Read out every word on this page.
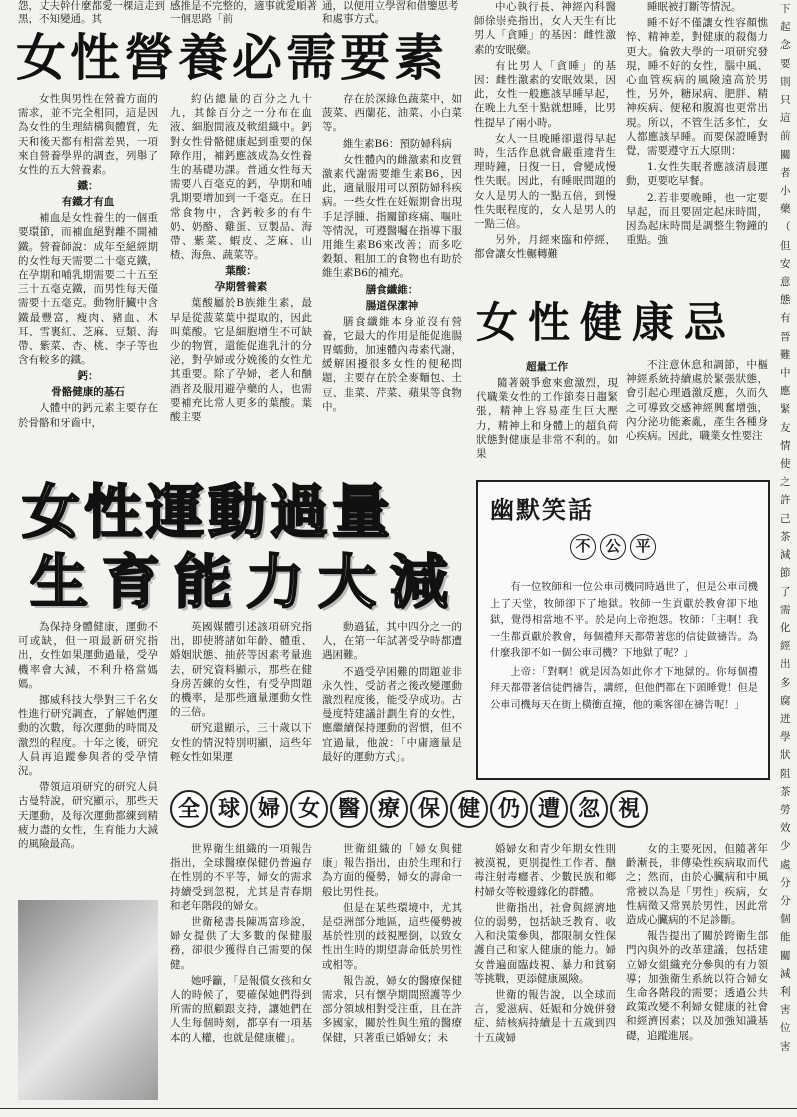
怨，丈夫幹什麼都愛一棵這走到黑，不知變通。其
感推是不完整的，適事就愛順著一個思路「前
通，以便用立學習和借鑒思考和處事方式。
女性營養必需要素

女性與男性在營養方面的需求，並不完全相同，這是因為女性的生理結構與體質，先天和後天都有相當差異，一項來自營養學界的調查，列舉了女性的五大營養素。

鐵：
有鐵才有血

補血是女性養生的一個重要環節，而補血絕對離不開補鐵。營養師說：成年至絕經期的女性每天需要二十毫克鐵，在孕期和哺乳期需要二十五至三十五毫克鐵，而男性每天僅需要十五毫克。動物肝臟中含鐵最豐富，瘦肉、豬血、木耳、雪裏紅、芝麻、豆類、海帶、紫菜、杏、桃、李子等也含有較多的鐵。

鈣：
骨骼健康的基石

人體中的鈣元素主要存在於骨骼和牙齒中，

約佔總量的百分之九十九，其餘百分之一分布在血液、細胞間液及軟組織中。鈣對女性骨骼健康起到重要的保障作用，補鈣應該成為女性養生的基礎功課。普通女性每天需要八百毫克的鈣，孕期和哺乳期要增加到一千毫克。在日常食物中，含鈣較多的有牛奶、奶酪、雞蛋、豆製品、海帶、紫菜、蝦皮、芝麻、山楂、海魚、蔬菜等。

葉酸：
孕期營養素

葉酸屬於B族維生素，最早是從菠菜葉中提取的，因此叫葉酸。它是細胞增生不可缺少的物質，還能促進乳汁的分泌，對孕婦或分娩後的女性尤其重要。除了孕婦，老人和酗酒者及服用避孕藥的人，也需要補充比常人更多的葉酸。葉酸主要

存在於深綠色蔬菜中，如菠菜、西蘭花、油菜、小白菜等。

維生素B6：預防婦科病

女性體內的雌激素和皮質激素代謝需要維生素B6，因此，適量服用可以預防婦科疾病。一些女性在妊娠期會出現手足浮腫、指關節疼痛、嘔吐等情況，可遵醫囑在指導下服用維生素B6來改善；而多吃穀類、粗加工的食物也有助於維生素B6的補充。

膳食纖維：
腸道保潔神

膳食纖維本身並沒有營養，它最大的作用是能促進腸胃蠕動，加速體內毒素代謝，緩解困擾很多女性的便秘問題，主要存在於全麥麵包、土豆、韭菜、芹菜、蘋果等食物中。

中心執行長、神經內科醫師徐崇堯指出，女人天生有比男人「貪睡」的基因：雌性激素的安眠藥。

有比男人「貪睡」的基因：雌性激素的安眠效果，因此，女性一般應該早睡早起，在晚上九至十點就想睡，比男性提早了兩小時。

女人一旦晚睡卻還得早起時，生活作息就會嚴重違背生理時鐘，日復一日，會變成慢性失眠。因此，有睡眠問題的女人是男人的一點五倍，到慢性失眠程度的，女人是男人的一點三倍。

另外，月經來臨和停經，都會讓女性輾轉難

睡眠被打斷等情況。

睡不好不僅讓女性容顏憔悴、精神差，對健康的殺傷力更大。倫敦大學的一項研究發現，睡不好的女性，腦中風、心血管疾病的風險遠高於男性，另外，糖尿病、肥胖、精神疾病、便秘和腹瀉也更常出現。所以，不管生活多忙，女人都應該早睡。而要保證睡對覺，需要遵守五大原則：

1.女性失眠者應該清晨運動，更要吃早餐。

2.若非要晚睡，也一定要早起，而且要固定起床時間，因為起床時間是調整生物鐘的重點。強

女性健康忌
超量工作

隨著競爭愈來愈激烈，現代職業女性的工作節奏日趨緊張，精神上容易產生巨大壓力，精神上和身體上的超負荷狀態對健康是非常不利的。如果

不注意休息和調節，中樞神經系統持續處於緊張狀態，會引起心理過激反應，久而久之可導致交感神經興奮增強，內分泌功能紊亂，產生各種身心疾病。因此，職業女性要注

女性運動過量
生育能力大減

為保持身體健康，運動不可或缺，但一項最新研究指出，女性如果運動過量，受孕機率會大減，不利升格當媽媽。

挪威科技大學對三千名女性進行研究調查，了解她們運動的次數，每次運動的時間及激烈的程度。十年之後，研究人員再追蹤參與者的受孕情況。

帶領這項研究的研究人員古曼特說，研究顯示，那些天天運動，及每次運動都練到精疲力盡的女性，生育能力大減的風險最高。

英國媒體引述該項研究指出，即使將諸如年齡、體重、婚姻狀態、抽菸等因素考量進去，研究資料顯示，那些在健身房苦練的女性，有受孕問題的機率，是那些適量運動女性的三倍。

研究還顯示，三十歲以下女性的情況特別明顯，這些年輕女性如果運

動過猛，其中四分之一的人，在第一年試著受孕時都遭遇困難。

不過受孕困難的問題並非永久性，受訪者之後改變運動激烈程度後，能受孕成功。古曼度特建議計劃生育的女性，應繼續保持運動的習慣，但不宜過量，他說：「中庸適量是最好的運動方式」。

幽默笑話
不 公 平

有一位牧師和一位公車司機同時過世了，但是公車司機上了天堂，牧師卻下了地獄。牧師一生貢獻於教會卻下地獄，覺得相當地不平。於是向上帝抱怨。牧師：「主啊！我一生都貢獻於教會，每個禮拜天都帶著您的信徒做禱告。為什麼我卻不如一個公車司機？下地獄了呢？」

上帝：「對啊！就是因為如此你才下地獄的。你每個禮拜天都帶著信徒們禱告，講經，但他們都在下頭睡覺！但是公車司機每天在街上橫衝直撞，他的乘客卻在禱告呢！」

全 球 婦 女 醫 療 保 健 仍 遭 忽 視

世界衛生組織的一項報告指出，全球醫療保健仍普遍存在性別的不平等，婦女的需求持續受到忽視，尤其是青春期和老年階段的婦女。

世衛秘書長陳馮富珍說，婦女提供了大多數的保健服務，卻很少獲得自己需要的保健。

她呼籲，「是報償女孩和女人的時候了，要確保她們得到所需的照顧跟支持，讓她們在人生每個時刻，都享有一項基本的人權，也就是健康權」。

世衛組織的「婦女與健康」報告指出，由於生理和行為方面的優勢，婦女的壽命一般比男性長。

但是在某些環境中，尤其是亞洲部分地區，這些優勢被基於性別的歧視壓倒，以致女性出生時的期望壽命低於男性或相等。

報告說，婦女的醫療保健需求，只有懷孕期間照護等少部分領域相對受注重，且在許多國家，關於性與生殖的醫療保健，只著重已婚婦女；未

婚婦女和青少年期女性則被漠視，更別提性工作者、酗毒注射毒癮者、少數民族和鄉村婦女等較邊緣化的群體。

世衛指出，社會與經濟地位的弱勢，包括缺乏教育、收入和決策參與，都限制女性保護自己和家人健康的能力。婦女普遍面臨歧視、暴力和貧窮等挑戰，更添健康風險。

世衛的報告說，以全球而言，愛滋病、妊娠和分娩併發症、結核病持續是十五歲到四十五歲婦

女的主要死因，但隨著年齡漸長，非傳染性疾病取而代之；然而，由於心臟病和中風常被以為是「男性」疾病，女性病徵又常異於男性，因此常造成心臟病的不足診斷。

報告提出了關於跨衛生部門內與外的改革建議，包括建立婦女組織充分參與的有力領導；加強衛生系統以符合婦女生命各階段的需要；透過公共政策改變不利婦女健康的社會和經濟因素；以及加強知識基礎，追蹤進展。

下
起
念
要
則
只
這
前
關
者
小
藥
（
但
安
意
態
有
晉
難
中
應
緊
友
情
使
之
許
己
茶
減
節
了
需
化
經
出
多
腐
迸
學
狀
阻
茶
勞
效
少
處
分
分
個
能
關
減
利
害
位
害
